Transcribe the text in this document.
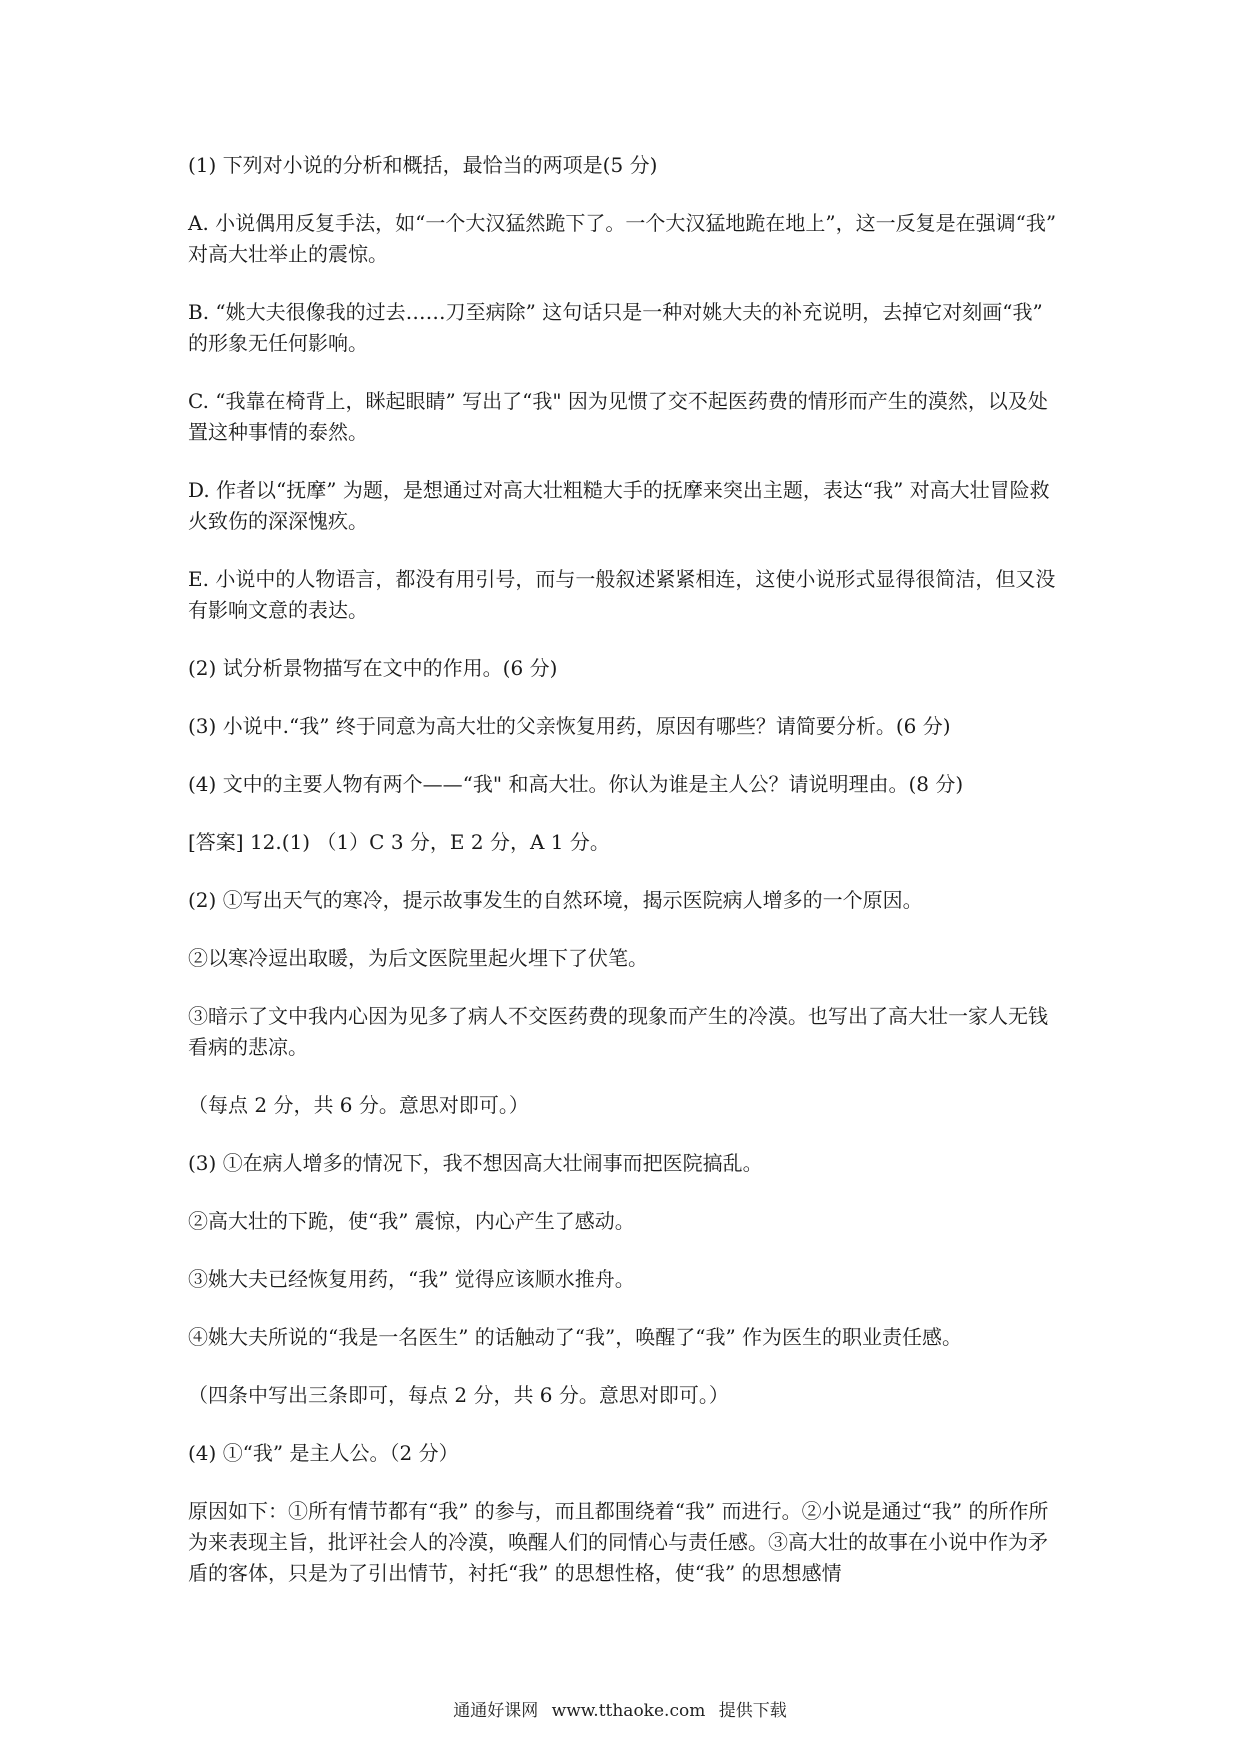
(1) 下列对小说的分析和概括，最恰当的两项是(5 分)

A. 小说偶用反复手法，如“一个大汉猛然跪下了。一个大汉猛地跪在地上”，这一反复是在强调“我” 对高大壮举止的震惊。

B. “姚大夫很像我的过去……刀至病除” 这句话只是一种对姚大夫的补充说明，去掉它对刻画“我” 的形象无任何影响。

C. “我靠在椅背上，眯起眼睛” 写出了“我" 因为见惯了交不起医药费的情形而产生的漠然，以及处置这种事情的泰然。

D. 作者以“抚摩” 为题，是想通过对高大壮粗糙大手的抚摩来突出主题，表达“我” 对高大壮冒险救火致伤的深深愧疚。

E. 小说中的人物语言，都没有用引号，而与一般叙述紧紧相连，这使小说形式显得很简洁，但又没有影响文意的表达。

(2) 试分析景物描写在文中的作用。(6 分)

(3) 小说中.“我” 终于同意为高大壮的父亲恢复用药，原因有哪些？请简要分析。(6 分)

(4) 文中的主要人物有两个——“我" 和高大壮。你认为谁是主人公？请说明理由。(8 分)

[答案] 12.(1) （1）C 3 分，E 2 分，A 1 分。

(2) ①写出天气的寒冷，提示故事发生的自然环境，揭示医院病人增多的一个原因。

②以寒冷逗出取暖，为后文医院里起火埋下了伏笔。

③暗示了文中我内心因为见多了病人不交医药费的现象而产生的冷漠。也写出了高大壮一家人无钱看病的悲凉。

（每点 2 分，共 6 分。意思对即可。）

(3) ①在病人增多的情况下，我不想因高大壮闹事而把医院搞乱。

②高大壮的下跪，使“我” 震惊，内心产生了感动。

③姚大夫已经恢复用药，“我” 觉得应该顺水推舟。

④姚大夫所说的“我是一名医生” 的话触动了“我”，唤醒了“我” 作为医生的职业责任感。

（四条中写出三条即可，每点 2 分，共 6 分。意思对即可。）

(4) ①“我” 是主人公。（2 分）

原因如下：①所有情节都有“我” 的参与，而且都围绕着“我” 而进行。②小说是通过“我” 的所作所为来表现主旨，批评社会人的冷漠，唤醒人们的同情心与责任感。③高大壮的故事在小说中作为矛盾的客体，只是为了引出情节，衬托“我” 的思想性格，使“我” 的思想感情

通通好课网 www.tthaoke.com 提供下载
